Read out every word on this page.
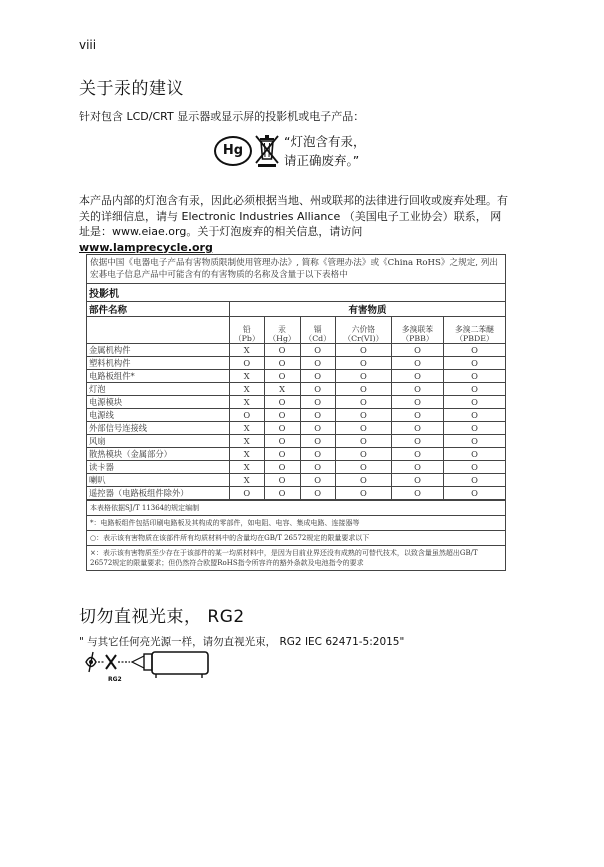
viii
关于汞的建议
针对包含 LCD/CRT 显示器或显示屏的投影机或电子产品：
Hg
“灯泡含有汞，
请正确废弃。”
本产品内部的灯泡含有汞，因此必须根据当地、州或联邦的法律进行回收或废弃处理。有关的详细信息，请与 Electronic Industries Alliance （美国电子工业协会）联系， 网址是：www.eiae.org。关于灯泡废弃的相关信息，请访问
www.lamprecycle.org
依据中国《电器电子产品有害物质限制使用管理办法》, 简称《管理办法》或《China RoHS》之规定, 列出宏碁电子信息产品中可能含有的有害物质的名称及含量于以下表格中
投影机
部件名称	有害物质					
	铅（Pb）	汞（Hg）	镉（Cd）	六价铬（Cr(VI)）	多溴联苯（PBB）	多溴二苯醚（PBDE）
金属机构件	X	O	O	O	O	O
塑料机构件	O	O	O	O	O	O
电路板组件*	X	O	O	O	O	O
灯泡	X	X	O	O	O	O
电源模块	X	O	O	O	O	O
电源线	O	O	O	O	O	O
外部信号连接线	X	O	O	O	O	O
风扇	X	O	O	O	O	O
散热模块（金属部分）	X	O	O	O	O	O
读卡器	X	O	O	O	O	O
喇叭	X	O	O	O	O	O
遥控器（电路板组件除外）	O	O	O	O	O	O
本表格依据SJ/T 11364的规定编制
*：电路板组件包括印刷电路板及其构成的零部件，如电阻、电容、集成电路、连接器等
○：表示该有害物质在该部件所有均质材料中的含量均在GB/T 26572规定的限量要求以下
×：表示该有害物质至少存在于该部件的某一均质材料中，是因为目前业界还没有成熟的可替代技术，以致含量虽然超出GB/T 26572规定的限量要求；但仍然符合欧盟RoHS指令所容许的豁外条款及电池指令的要求
切勿直视光束， RG2
" 与其它任何亮光源一样，请勿直视光束， RG2 IEC 62471-5:2015"
RG2
